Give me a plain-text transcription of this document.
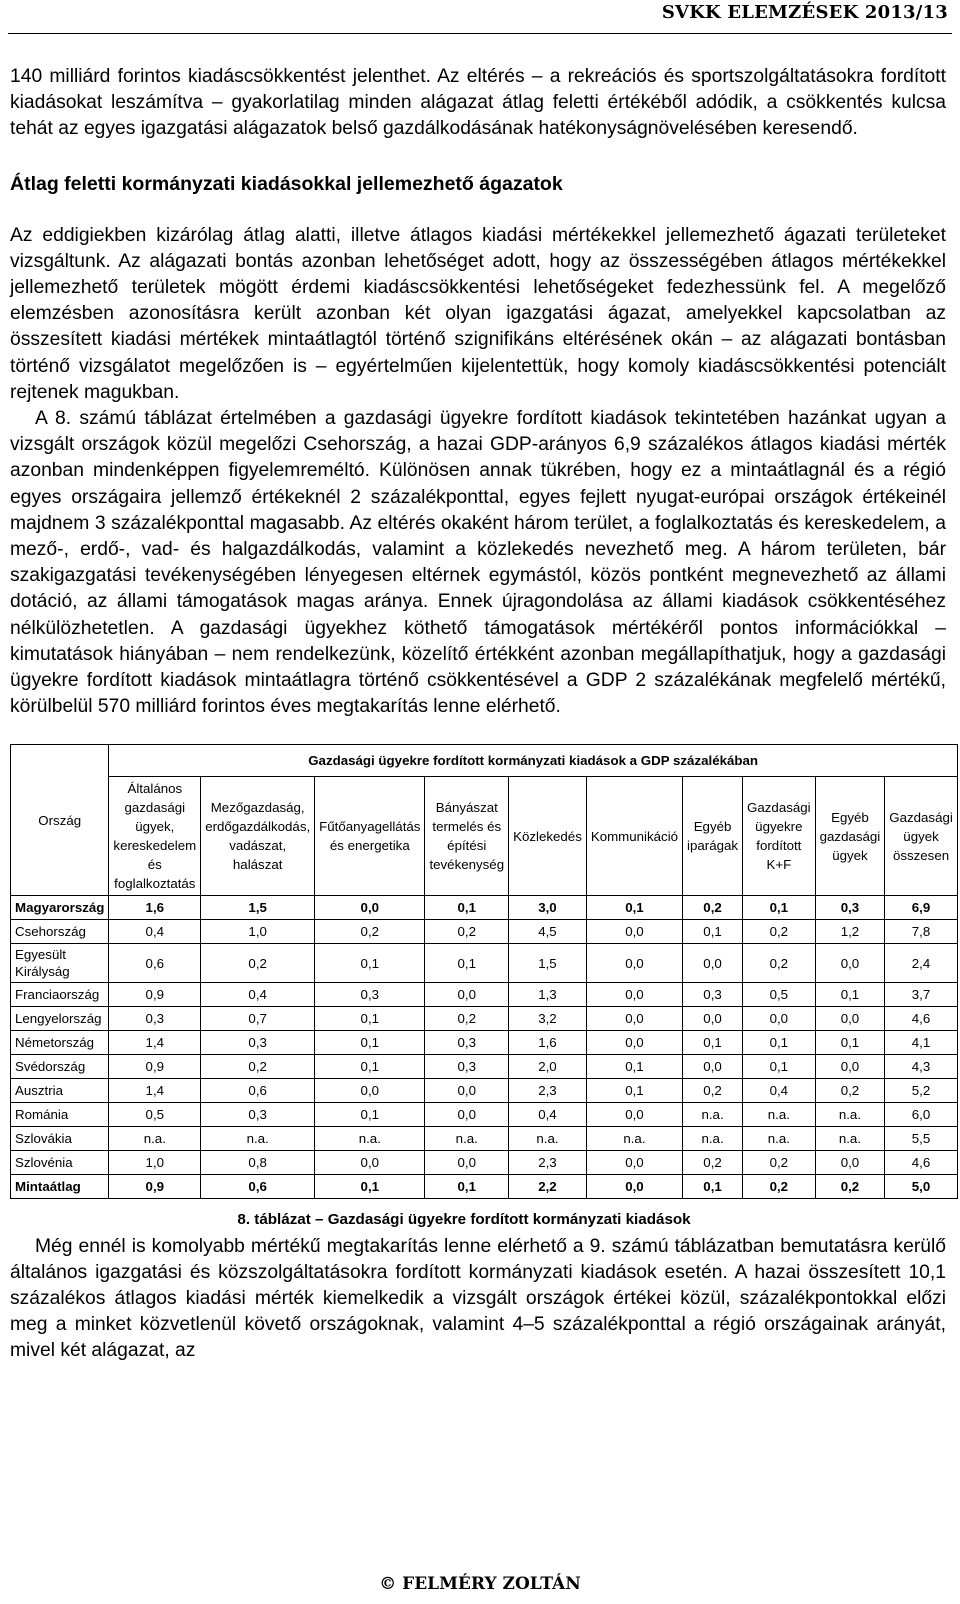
SVKK ELEMZÉSEK 2013/13

140 milliárd forintos kiadáscsökkentést jelenthet. Az eltérés – a rekreációs és sportszolgáltatásokra fordított kiadásokat leszámítva – gyakorlatilag minden alágazat átlag feletti értékéből adódik, a csökkentés kulcsa tehát az egyes igazgatási alágazatok belső gazdálkodásának hatékonyságnövelésében keresendő.

Átlag feletti kormányzati kiadásokkal jellemezhető ágazatok

Az eddigiekben kizárólag átlag alatti, illetve átlagos kiadási mértékekkel jellemezhető ágazati területeket vizsgáltunk. Az alágazati bontás azonban lehetőséget adott, hogy az összességében átlagos mértékekkel jellemezhető területek mögött érdemi kiadáscsökkentési lehetőségeket fedezhessünk fel. A megelőző elemzésben azonosításra került azonban két olyan igazgatási ágazat, amelyekkel kapcsolatban az összesített kiadási mértékek mintaátlagtól történő szignifikáns eltérésének okán – az alágazati bontásban történő vizsgálatot megelőzően is – egyértelműen kijelentettük, hogy komoly kiadáscsökkentési potenciált rejtenek magukban.

A 8. számú táblázat értelmében a gazdasági ügyekre fordított kiadások tekintetében hazánkat ugyan a vizsgált országok közül megelőzi Csehország, a hazai GDP-arányos 6,9 százalékos átlagos kiadási mérték azonban mindenképpen figyelemreméltó. Különösen annak tükrében, hogy ez a mintaátlagnál és a régió egyes országaira jellemző értékeknél 2 százalékponttal, egyes fejlett nyugat-európai országok értékeinél majdnem 3 százalékponttal magasabb. Az eltérés okaként három terület, a foglalkoztatás és kereskedelem, a mező-, erdő-, vad- és halgazdálkodás, valamint a közlekedés nevezhető meg. A három területen, bár szakigazgatási tevékenységében lényegesen eltérnek egymástól, közös pontként megnevezhető az állami dotáció, az állami támogatások magas aránya. Ennek újragondolása az állami kiadások csökkentéséhez nélkülözhetetlen. A gazdasági ügyekhez köthető támogatások mértékéről pontos információkkal – kimutatások hiányában – nem rendelkezünk, közelítő értékként azonban megállapíthatjuk, hogy a gazdasági ügyekre fordított kiadások mintaátlagra történő csökkentésével a GDP 2 százalékának megfelelő mértékű, körülbelül 570 milliárd forintos éves megtakarítás lenne elérhető.

Ország	Gazdasági ügyekre fordított kormányzati kiadások a GDP százalékában									
	Általános gazdasági ügyek, kereskedelem és foglalkoztatás	Mezőgazdaság, erdőgazdálkodás, vadászat, halászat	Fűtőanyagellátás és energetika	Bányászat termelés és építési tevékenység	Közlekedés	Kommunikáció	Egyéb iparágak	Gazdasági ügyekre fordított K+F	Egyéb gazdasági ügyek	Gazdasági ügyek összesen
Magyarország	1,6	1,5	0,0	0,1	3,0	0,1	0,2	0,1	0,3	6,9
Csehország	0,4	1,0	0,2	0,2	4,5	0,0	0,1	0,2	1,2	7,8
Egyesült Királyság	0,6	0,2	0,1	0,1	1,5	0,0	0,0	0,2	0,0	2,4
Franciaország	0,9	0,4	0,3	0,0	1,3	0,0	0,3	0,5	0,1	3,7
Lengyelország	0,3	0,7	0,1	0,2	3,2	0,0	0,0	0,0	0,0	4,6
Németország	1,4	0,3	0,1	0,3	1,6	0,0	0,1	0,1	0,1	4,1
Svédország	0,9	0,2	0,1	0,3	2,0	0,1	0,0	0,1	0,0	4,3
Ausztria	1,4	0,6	0,0	0,0	2,3	0,1	0,2	0,4	0,2	5,2
Románia	0,5	0,3	0,1	0,0	0,4	0,0	n.a.	n.a.	n.a.	6,0
Szlovákia	n.a.	n.a.	n.a.	n.a.	n.a.	n.a.	n.a.	n.a.	n.a.	5,5
Szlovénia	1,0	0,8	0,0	0,0	2,3	0,0	0,2	0,2	0,0	4,6
Mintaátlag	0,9	0,6	0,1	0,1	2,2	0,0	0,1	0,2	0,2	5,0
8. táblázat – Gazdasági ügyekre fordított kormányzati kiadások

Még ennél is komolyabb mértékű megtakarítás lenne elérhető a 9. számú táblázatban bemutatásra kerülő általános igazgatási és közszolgáltatásokra fordított kormányzati kiadások esetén. A hazai összesített 10,1 százalékos átlagos kiadási mérték kiemelkedik a vizsgált országok értékei közül, százalékpontokkal előzi meg a minket közvetlenül követő országoknak, valamint 4–5 százalékponttal a régió országainak arányát, mivel két alágazat, az

© FELMÉRY ZOLTÁN
